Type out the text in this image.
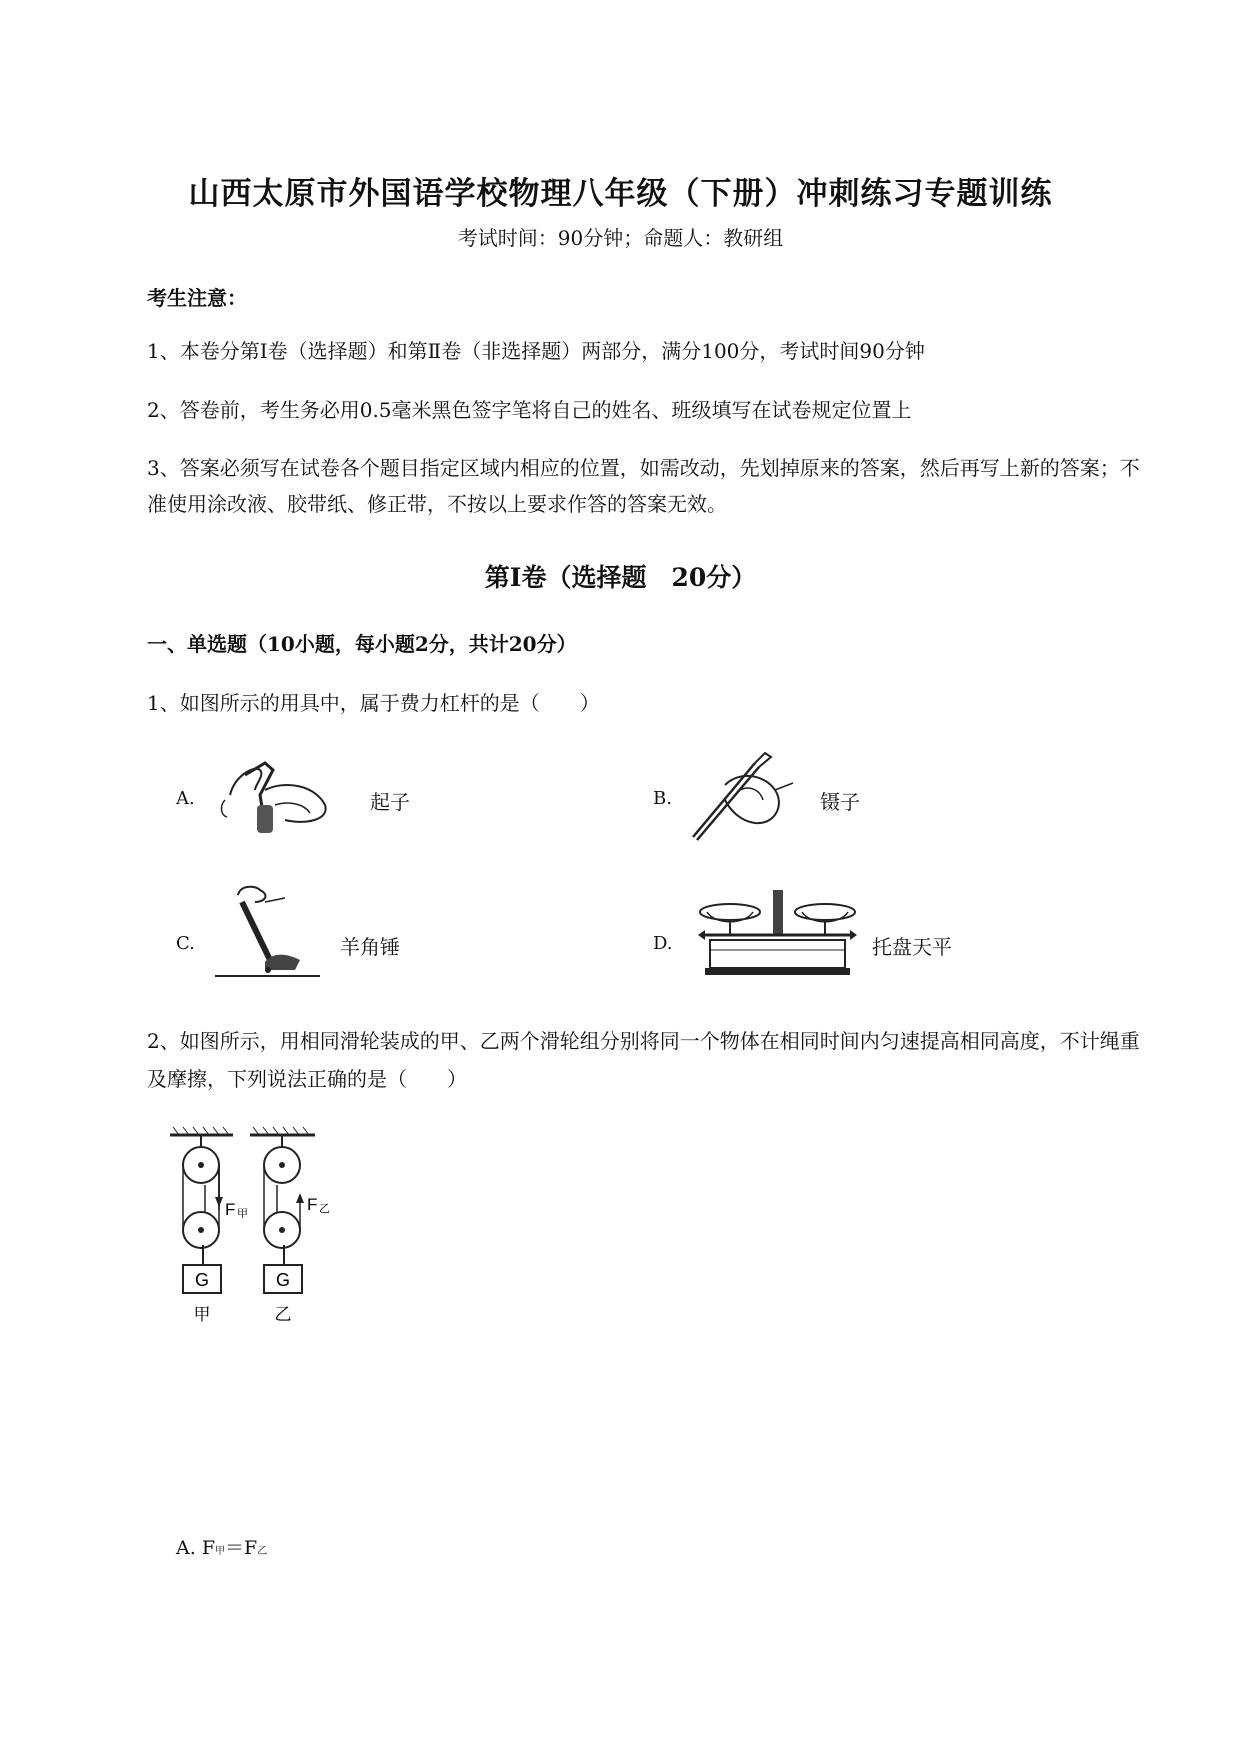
山西太原市外国语学校物理八年级（下册）冲刺练习专题训练
考试时间：90分钟；命题人：教研组
考生注意：
1、本卷分第Ⅰ卷（选择题）和第Ⅱ卷（非选择题）两部分，满分100分，考试时间90分钟
2、答卷前，考生务必用0.5毫米黑色签字笔将自己的姓名、班级填写在试卷规定位置上
3、答案必须写在试卷各个题目指定区域内相应的位置，如需改动，先划掉原来的答案，然后再写上新的答案；不准使用涂改液、胶带纸、修正带，不按以上要求作答的答案无效。
第Ⅰ卷（选择题　20分）
一、单选题（10小题，每小题2分，共计20分）
1、如图所示的用具中，属于费力杠杆的是（　　）
A.	起子	B.	镊子
C.	羊角锤	D.	托盘天平
2、如图所示，用相同滑轮装成的甲、乙两个滑轮组分别将同一个物体在相同时间内匀速提高相同高度，不计绳重及摩擦，下列说法正确的是（　　）
G
F 甲
甲
G
F 乙
乙
A. F甲＝F乙
